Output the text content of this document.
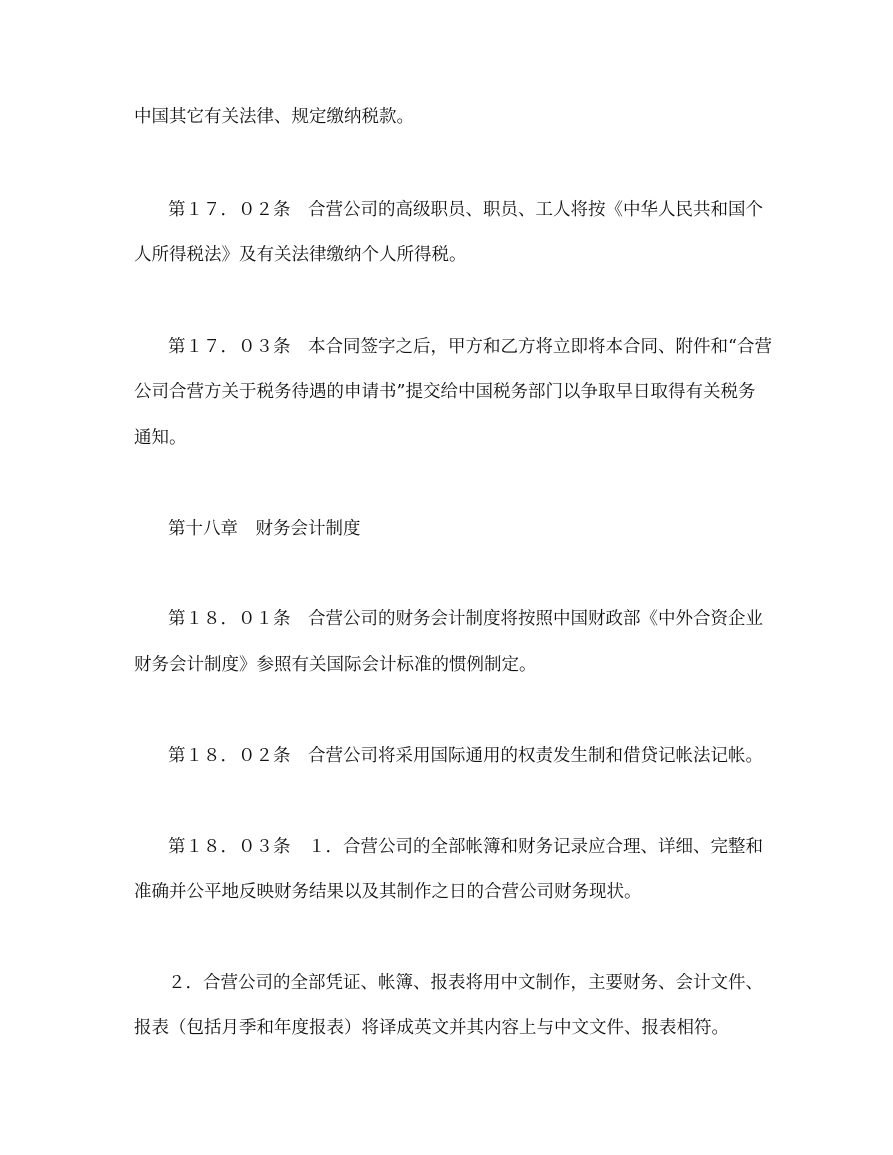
中国其它有关法律、规定缴纳税款。
第１７．０２条　合营公司的高级职员、职员、工人将按《中华人民共和国个
人所得税法》及有关法律缴纳个人所得税。
第１７．０３条　本合同签字之后，甲方和乙方将立即将本合同、附件和“合营
公司合营方关于税务待遇的申请书”提交给中国税务部门以争取早日取得有关税务
通知。
第十八章　财务会计制度
第１８．０１条　合营公司的财务会计制度将按照中国财政部《中外合资企业
财务会计制度》参照有关国际会计标准的惯例制定。
第１８．０２条　合营公司将采用国际通用的权责发生制和借贷记帐法记帐。
第１８．０３条　１．合营公司的全部帐簿和财务记录应合理、详细、完整和
准确并公平地反映财务结果以及其制作之日的合营公司财务现状。
２．合营公司的全部凭证、帐簿、报表将用中文制作，主要财务、会计文件、
报表（包括月季和年度报表）将译成英文并其内容上与中文文件、报表相符。
